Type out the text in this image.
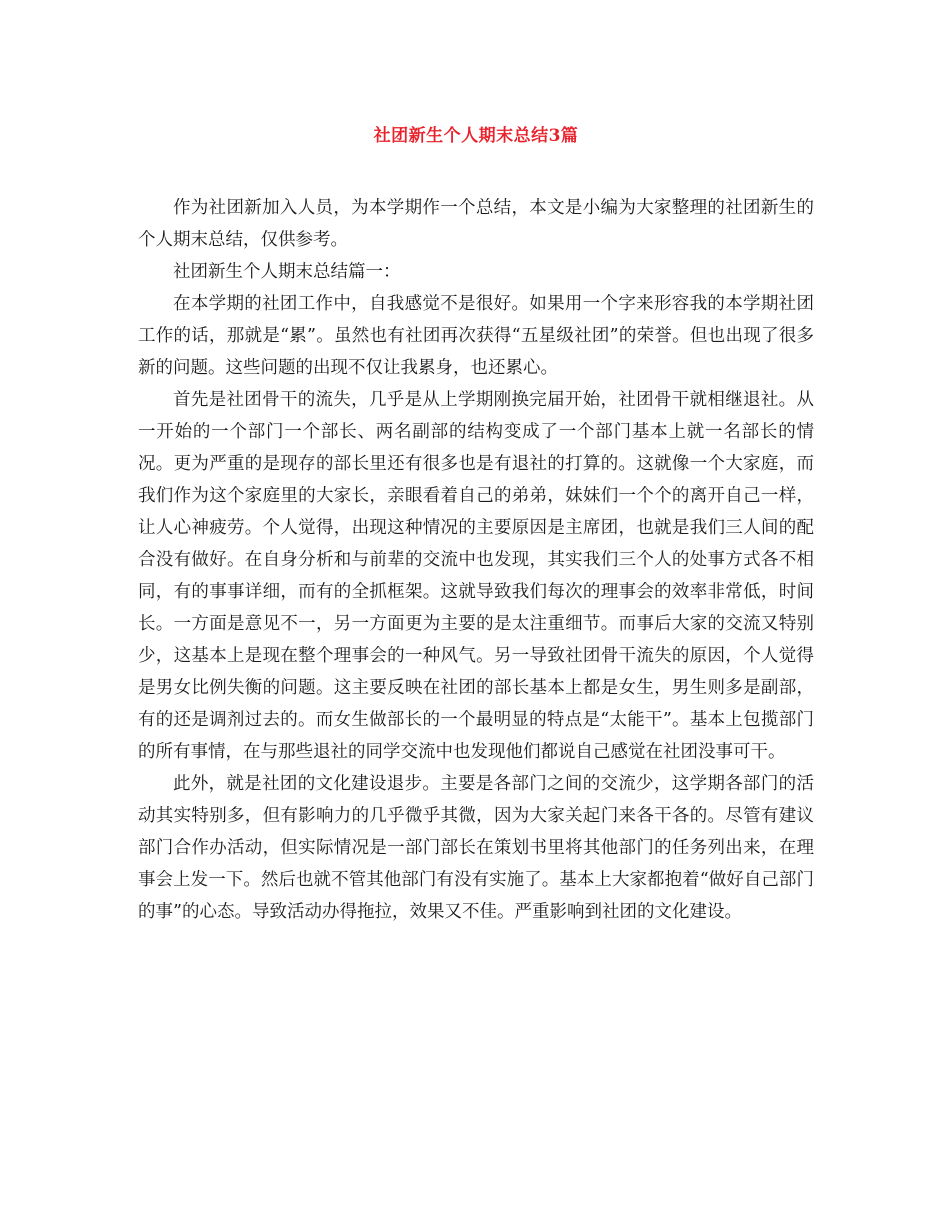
社团新生个人期末总结3篇

作为社团新加入人员，为本学期作一个总结，本文是小编为大家整理的社团新生的个人期末总结，仅供参考。

社团新生个人期末总结篇一：

在本学期的社团工作中，自我感觉不是很好。如果用一个字来形容我的本学期社团工作的话，那就是“累”。虽然也有社团再次获得“五星级社团”的荣誉。但也出现了很多新的问题。这些问题的出现不仅让我累身，也还累心。

首先是社团骨干的流失，几乎是从上学期刚换完届开始，社团骨干就相继退社。从一开始的一个部门一个部长、两名副部的结构变成了一个部门基本上就一名部长的情况。更为严重的是现存的部长里还有很多也是有退社的打算的。这就像一个大家庭，而我们作为这个家庭里的大家长，亲眼看着自己的弟弟，妹妹们一个个的离开自己一样，让人心神疲劳。个人觉得，出现这种情况的主要原因是主席团，也就是我们三人间的配合没有做好。在自身分析和与前辈的交流中也发现，其实我们三个人的处事方式各不相同，有的事事详细，而有的全抓框架。这就导致我们每次的理事会的效率非常低，时间长。一方面是意见不一，另一方面更为主要的是太注重细节。而事后大家的交流又特别少，这基本上是现在整个理事会的一种风气。另一导致社团骨干流失的原因，个人觉得是男女比例失衡的问题。这主要反映在社团的部长基本上都是女生，男生则多是副部，有的还是调剂过去的。而女生做部长的一个最明显的特点是“太能干”。基本上包揽部门的所有事情，在与那些退社的同学交流中也发现他们都说自己感觉在社团没事可干。

此外，就是社团的文化建设退步。主要是各部门之间的交流少，这学期各部门的活动其实特别多，但有影响力的几乎微乎其微，因为大家关起门来各干各的。尽管有建议部门合作办活动，但实际情况是一部门部长在策划书里将其他部门的任务列出来，在理事会上发一下。然后也就不管其他部门有没有实施了。基本上大家都抱着“做好自己部门的事”的心态。导致活动办得拖拉，效果又不佳。严重影响到社团的文化建设。
